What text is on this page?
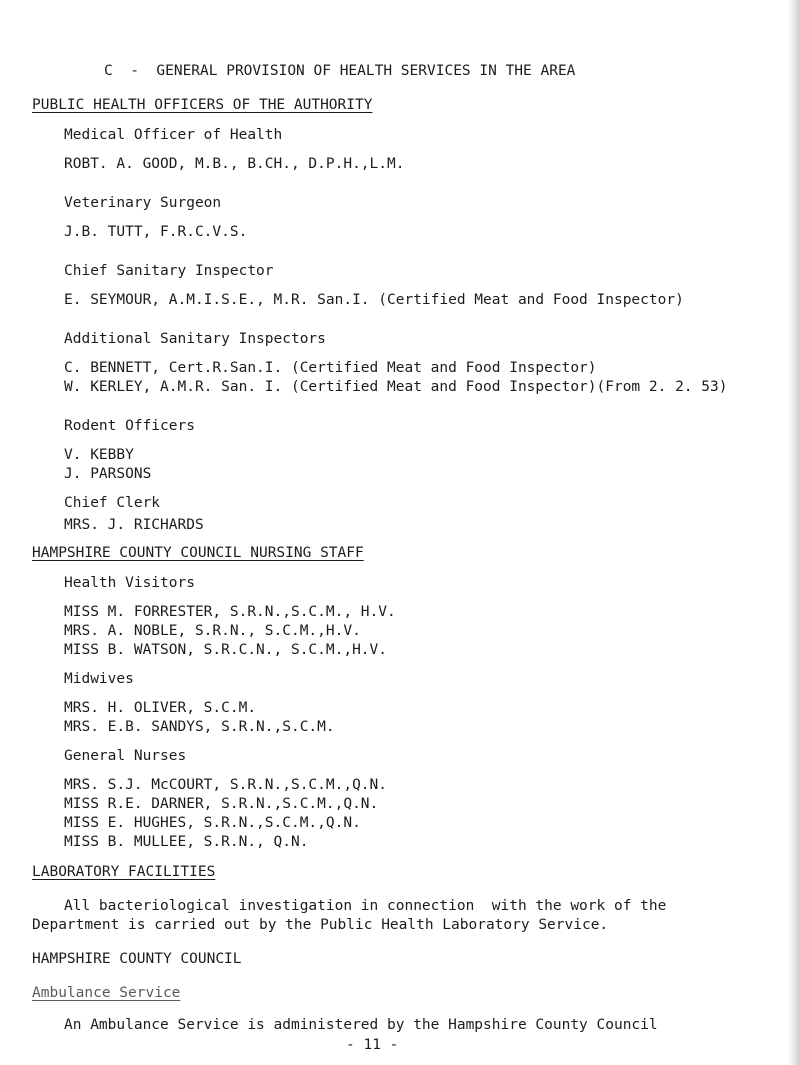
C  -  GENERAL PROVISION OF HEALTH SERVICES IN THE AREA
PUBLIC HEALTH OFFICERS OF THE AUTHORITY
Medical Officer of Health
ROBT. A. GOOD, M.B., B.CH., D.P.H.,L.M.
Veterinary Surgeon
J.B. TUTT, F.R.C.V.S.
Chief Sanitary Inspector
E. SEYMOUR, A.M.I.S.E., M.R. San.I. (Certified Meat and Food Inspector)
Additional Sanitary Inspectors
C. BENNETT, Cert.R.San.I. (Certified Meat and Food Inspector)
W. KERLEY, A.M.R. San. I. (Certified Meat and Food Inspector)(From 2. 2. 53)
Rodent Officers
V. KEBBY
J. PARSONS
Chief Clerk
MRS. J. RICHARDS
HAMPSHIRE COUNTY COUNCIL NURSING STAFF
Health Visitors
MISS M. FORRESTER, S.R.N.,S.C.M., H.V.
MRS. A. NOBLE, S.R.N., S.C.M.,H.V.
MISS B. WATSON, S.R.C.N., S.C.M.,H.V.
Midwives
MRS. H. OLIVER, S.C.M.
MRS. E.B. SANDYS, S.R.N.,S.C.M.
General Nurses
MRS. S.J. McCOURT, S.R.N.,S.C.M.,Q.N.
MISS R.E. DARNER, S.R.N.,S.C.M.,Q.N.
MISS E. HUGHES, S.R.N.,S.C.M.,Q.N.
MISS B. MULLEE, S.R.N., Q.N.
LABORATORY FACILITIES
All bacteriological investigation in connection  with the work of the
Department is carried out by the Public Health Laboratory Service.
HAMPSHIRE COUNTY COUNCIL
Ambulance Service
An Ambulance Service is administered by the Hampshire County Council
- 11 -
